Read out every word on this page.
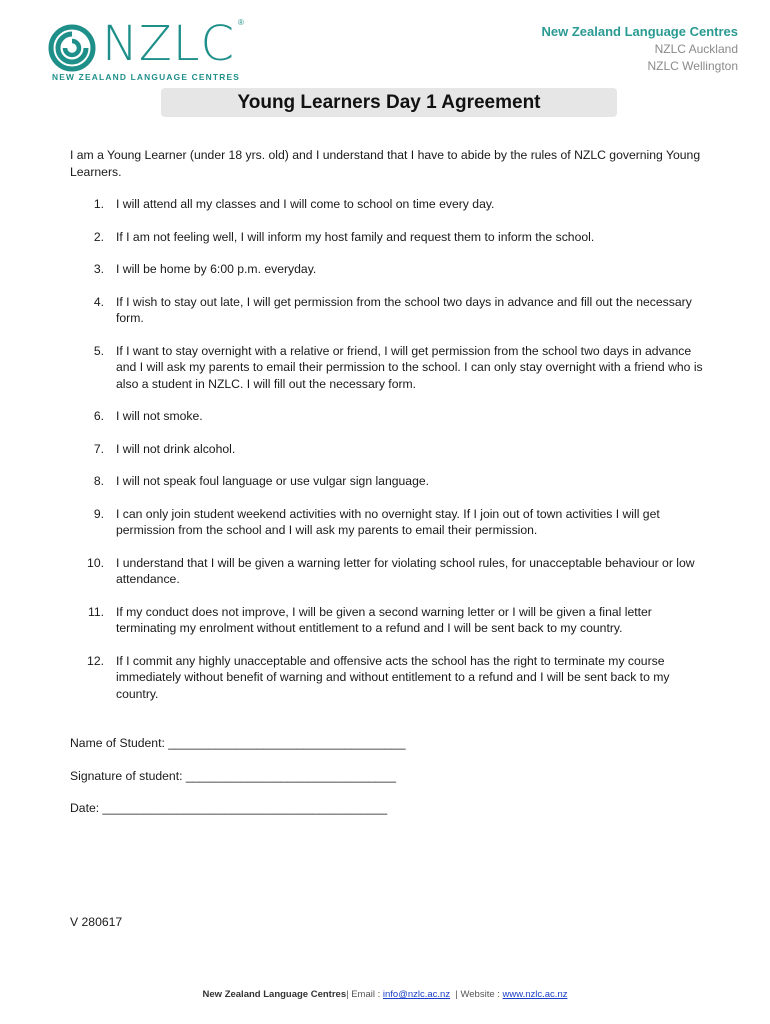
NZLC ®
NEW ZEALAND LANGUAGE CENTRES
New Zealand Language Centres
NZLC Auckland
NZLC Wellington
Young Learners Day 1 Agreement

I am a Young Learner (under 18 yrs. old) and I understand that I have to abide by the rules of NZLC governing Young Learners.

1. I will attend all my classes and I will come to school on time every day.
2. If I am not feeling well, I will inform my host family and request them to inform the school.
3. I will be home by 6:00 p.m. everyday.
4. If I wish to stay out late, I will get permission from the school two days in advance and fill out the necessary form.
5. If I want to stay overnight with a relative or friend, I will get permission from the school two days in advance and I will ask my parents to email their permission to the school. I can only stay overnight with a friend who is also a student in NZLC. I will fill out the necessary form.
6. I will not smoke.
7. I will not drink alcohol.
8. I will not speak foul language or use vulgar sign language.
9. I can only join student weekend activities with no overnight stay. If I join out of town activities I will get permission from the school and I will ask my parents to email their permission.
10. I understand that I will be given a warning letter for violating school rules, for unacceptable behaviour or low attendance.
11. If my conduct does not improve, I will be given a second warning letter or I will be given a final letter terminating my enrolment without entitlement to a refund and I will be sent back to my country.
12. If I commit any highly unacceptable and offensive acts the school has the right to terminate my course immediately without benefit of warning and without entitlement to a refund and I will be sent back to my country.
Name of Student: ___________________________________
Signature of student: _______________________________
Date: __________________________________________
V 280617
New Zealand Language Centres| Email : info@nzlc.ac.nz  | Website : www.nzlc.ac.nz
